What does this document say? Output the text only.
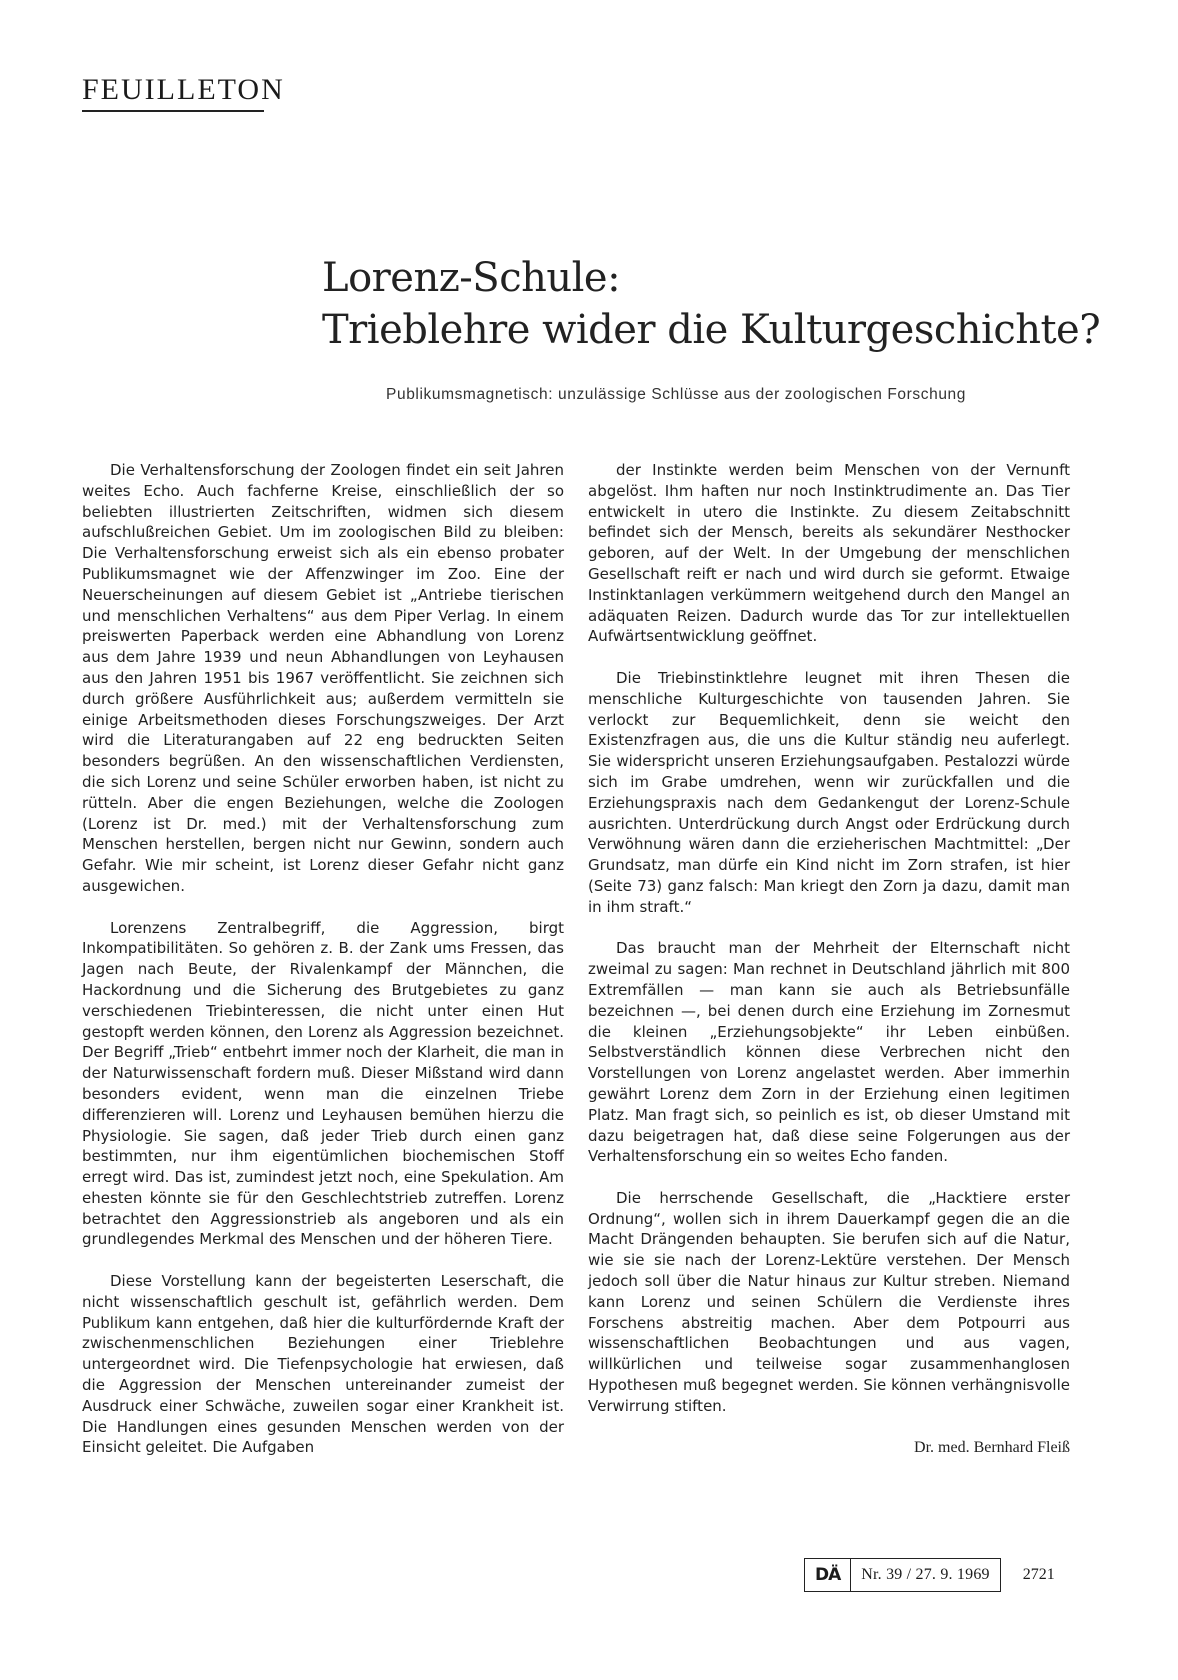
FEUILLETON
Lorenz-Schule:
Trieblehre wider die Kulturgeschichte?

Publikumsmagnetisch: unzulässige Schlüsse aus der zoologischen Forschung

Die Verhaltensforschung der Zoologen findet ein seit Jahren weites Echo. Auch fachferne Kreise, einschließlich der so beliebten illustrierten Zeitschriften, widmen sich diesem aufschlußreichen Gebiet. Um im zoologischen Bild zu bleiben: Die Verhaltensforschung erweist sich als ein ebenso probater Publikumsmagnet wie der Affenzwinger im Zoo. Eine der Neuerscheinungen auf diesem Gebiet ist „Antriebe tierischen und menschlichen Verhaltens“ aus dem Piper Verlag. In einem preiswerten Paperback werden eine Abhandlung von Lorenz aus dem Jahre 1939 und neun Abhandlungen von Leyhausen aus den Jahren 1951 bis 1967 veröffentlicht. Sie zeichnen sich durch größere Ausführlichkeit aus; außerdem vermitteln sie einige Arbeitsmethoden dieses Forschungszweiges. Der Arzt wird die Literaturangaben auf 22 eng bedruckten Seiten besonders begrüßen. An den wissenschaftlichen Verdiensten, die sich Lorenz und seine Schüler erworben haben, ist nicht zu rütteln. Aber die engen Beziehungen, welche die Zoologen (Lorenz ist Dr. med.) mit der Verhaltensforschung zum Menschen herstellen, bergen nicht nur Gewinn, sondern auch Gefahr. Wie mir scheint, ist Lorenz dieser Gefahr nicht ganz ausgewichen.

Lorenzens Zentralbegriff, die Aggression, birgt Inkompatibilitäten. So gehören z. B. der Zank ums Fressen, das Jagen nach Beute, der Rivalenkampf der Männchen, die Hackordnung und die Sicherung des Brutgebietes zu ganz verschiedenen Triebinteressen, die nicht unter einen Hut gestopft werden können, den Lorenz als Aggression bezeichnet. Der Begriff „Trieb“ entbehrt immer noch der Klarheit, die man in der Naturwissenschaft fordern muß. Dieser Mißstand wird dann besonders evident, wenn man die einzelnen Triebe differenzieren will. Lorenz und Leyhausen bemühen hierzu die Physiologie. Sie sagen, daß jeder Trieb durch einen ganz bestimmten, nur ihm eigentümlichen biochemischen Stoff erregt wird. Das ist, zumindest jetzt noch, eine Spekulation. Am ehesten könnte sie für den Geschlechtstrieb zutreffen. Lorenz betrachtet den Aggressionstrieb als angeboren und als ein grundlegendes Merkmal des Menschen und der höheren Tiere.

Diese Vorstellung kann der begeisterten Leserschaft, die nicht wissenschaftlich geschult ist, gefährlich werden. Dem Publikum kann entgehen, daß hier die kulturfördernde Kraft der zwischenmenschlichen Beziehungen einer Trieblehre untergeordnet wird. Die Tiefenpsychologie hat erwiesen, daß die Aggression der Menschen untereinander zumeist der Ausdruck einer Schwäche, zuweilen sogar einer Krankheit ist. Die Handlungen eines gesunden Menschen werden von der Einsicht geleitet. Die Aufgaben

der Instinkte werden beim Menschen von der Vernunft abgelöst. Ihm haften nur noch Instinktrudimente an. Das Tier entwickelt in utero die Instinkte. Zu diesem Zeitabschnitt befindet sich der Mensch, bereits als sekundärer Nesthocker geboren, auf der Welt. In der Umgebung der menschlichen Gesellschaft reift er nach und wird durch sie geformt. Etwaige Instinktanlagen verkümmern weitgehend durch den Mangel an adäquaten Reizen. Dadurch wurde das Tor zur intellektuellen Aufwärtsentwicklung geöffnet.

Die Triebinstinktlehre leugnet mit ihren Thesen die menschliche Kulturgeschichte von tausenden Jahren. Sie verlockt zur Bequemlichkeit, denn sie weicht den Existenzfragen aus, die uns die Kultur ständig neu auferlegt. Sie widerspricht unseren Erziehungsaufgaben. Pestalozzi würde sich im Grabe umdrehen, wenn wir zurückfallen und die Erziehungspraxis nach dem Gedankengut der Lorenz-Schule ausrichten. Unterdrückung durch Angst oder Erdrückung durch Verwöhnung wären dann die erzieherischen Machtmittel: „Der Grundsatz, man dürfe ein Kind nicht im Zorn strafen, ist hier (Seite 73) ganz falsch: Man kriegt den Zorn ja dazu, damit man in ihm straft.“

Das braucht man der Mehrheit der Elternschaft nicht zweimal zu sagen: Man rechnet in Deutschland jährlich mit 800 Extremfällen — man kann sie auch als Betriebsunfälle bezeichnen —, bei denen durch eine Erziehung im Zornesmut die kleinen „Erziehungsobjekte“ ihr Leben einbüßen. Selbstverständlich können diese Verbrechen nicht den Vorstellungen von Lorenz angelastet werden. Aber immerhin gewährt Lorenz dem Zorn in der Erziehung einen legitimen Platz. Man fragt sich, so peinlich es ist, ob dieser Umstand mit dazu beigetragen hat, daß diese seine Folgerungen aus der Verhaltensforschung ein so weites Echo fanden.

Die herrschende Gesellschaft, die „Hacktiere erster Ordnung“, wollen sich in ihrem Dauerkampf gegen die an die Macht Drängenden behaupten. Sie berufen sich auf die Natur, wie sie sie nach der Lorenz-Lektüre verstehen. Der Mensch jedoch soll über die Natur hinaus zur Kultur streben. Niemand kann Lorenz und seinen Schülern die Verdienste ihres Forschens abstreitig machen. Aber dem Potpourri aus wissenschaftlichen Beobachtungen und aus vagen, willkürlichen und teilweise sogar zusammenhanglosen Hypothesen muß begegnet werden. Sie können verhängnisvolle Verwirrung stiften.

Dr. med. Bernhard Fleiß

DÄ	Nr. 39 / 27. 9. 1969	2721
